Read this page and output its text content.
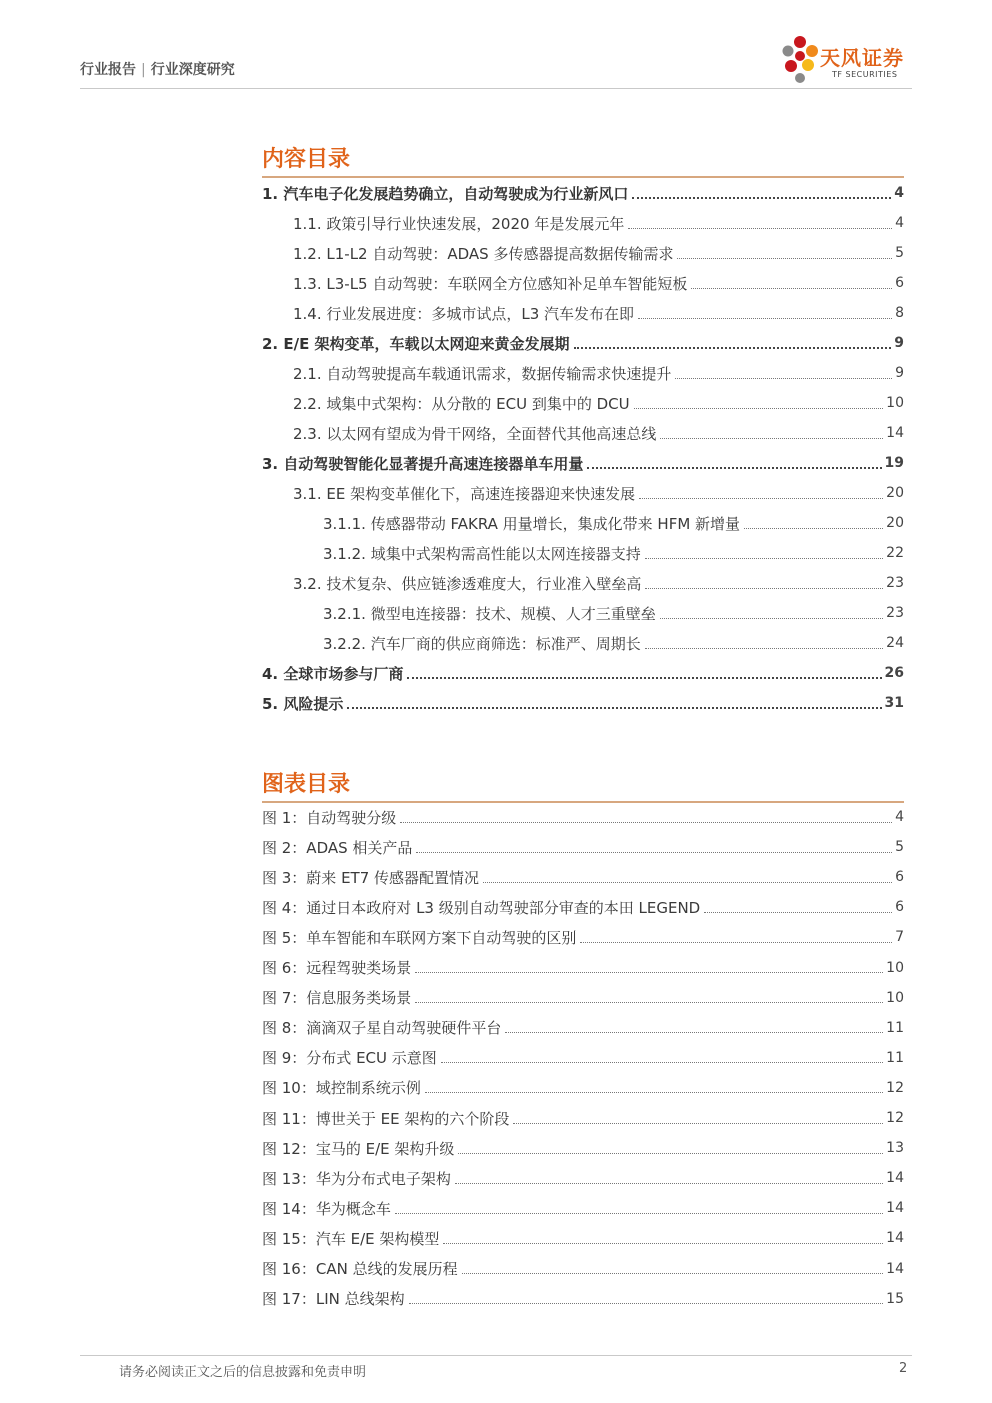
行业报告 | 行业深度研究	天风证券
TF SECURITIES
内容目录
1. 汽车电子化发展趋势确立，自动驾驶成为行业新风口	4
1.1. 政策引导行业快速发展，2020 年是发展元年	4
1.2. L1-L2 自动驾驶：ADAS 多传感器提高数据传输需求	5
1.3. L3-L5 自动驾驶：车联网全方位感知补足单车智能短板	6
1.4. 行业发展进度：多城市试点，L3 汽车发布在即	8
2. E/E 架构变革，车载以太网迎来黄金发展期	9
2.1. 自动驾驶提高车载通讯需求，数据传输需求快速提升	9
2.2. 域集中式架构：从分散的 ECU 到集中的 DCU	10
2.3. 以太网有望成为骨干网络，全面替代其他高速总线	14
3. 自动驾驶智能化显著提升高速连接器单车用量	19
3.1. EE 架构变革催化下，高速连接器迎来快速发展	20
3.1.1. 传感器带动 FAKRA 用量增长，集成化带来 HFM 新增量	20
3.1.2. 域集中式架构需高性能以太网连接器支持	22
3.2. 技术复杂、供应链渗透难度大，行业准入壁垒高	23
3.2.1. 微型电连接器：技术、规模、人才三重壁垒	23
3.2.2. 汽车厂商的供应商筛选：标准严、周期长	24
4. 全球市场参与厂商	26
5. 风险提示	31
图表目录
图 1：自动驾驶分级	4
图 2：ADAS 相关产品	5
图 3：蔚来 ET7 传感器配置情况	6
图 4：通过日本政府对 L3 级别自动驾驶部分审查的本田 LEGEND	6
图 5：单车智能和车联网方案下自动驾驶的区别	7
图 6：远程驾驶类场景	10
图 7：信息服务类场景	10
图 8：滴滴双子星自动驾驶硬件平台	11
图 9：分布式 ECU 示意图	11
图 10：域控制系统示例	12
图 11：博世关于 EE 架构的六个阶段	12
图 12：宝马的 E/E 架构升级	13
图 13：华为分布式电子架构	14
图 14：华为概念车	14
图 15：汽车 E/E 架构模型	14
图 16：CAN 总线的发展历程	14
图 17：LIN 总线架构	15
请务必阅读正文之后的信息披露和免责申明	2
